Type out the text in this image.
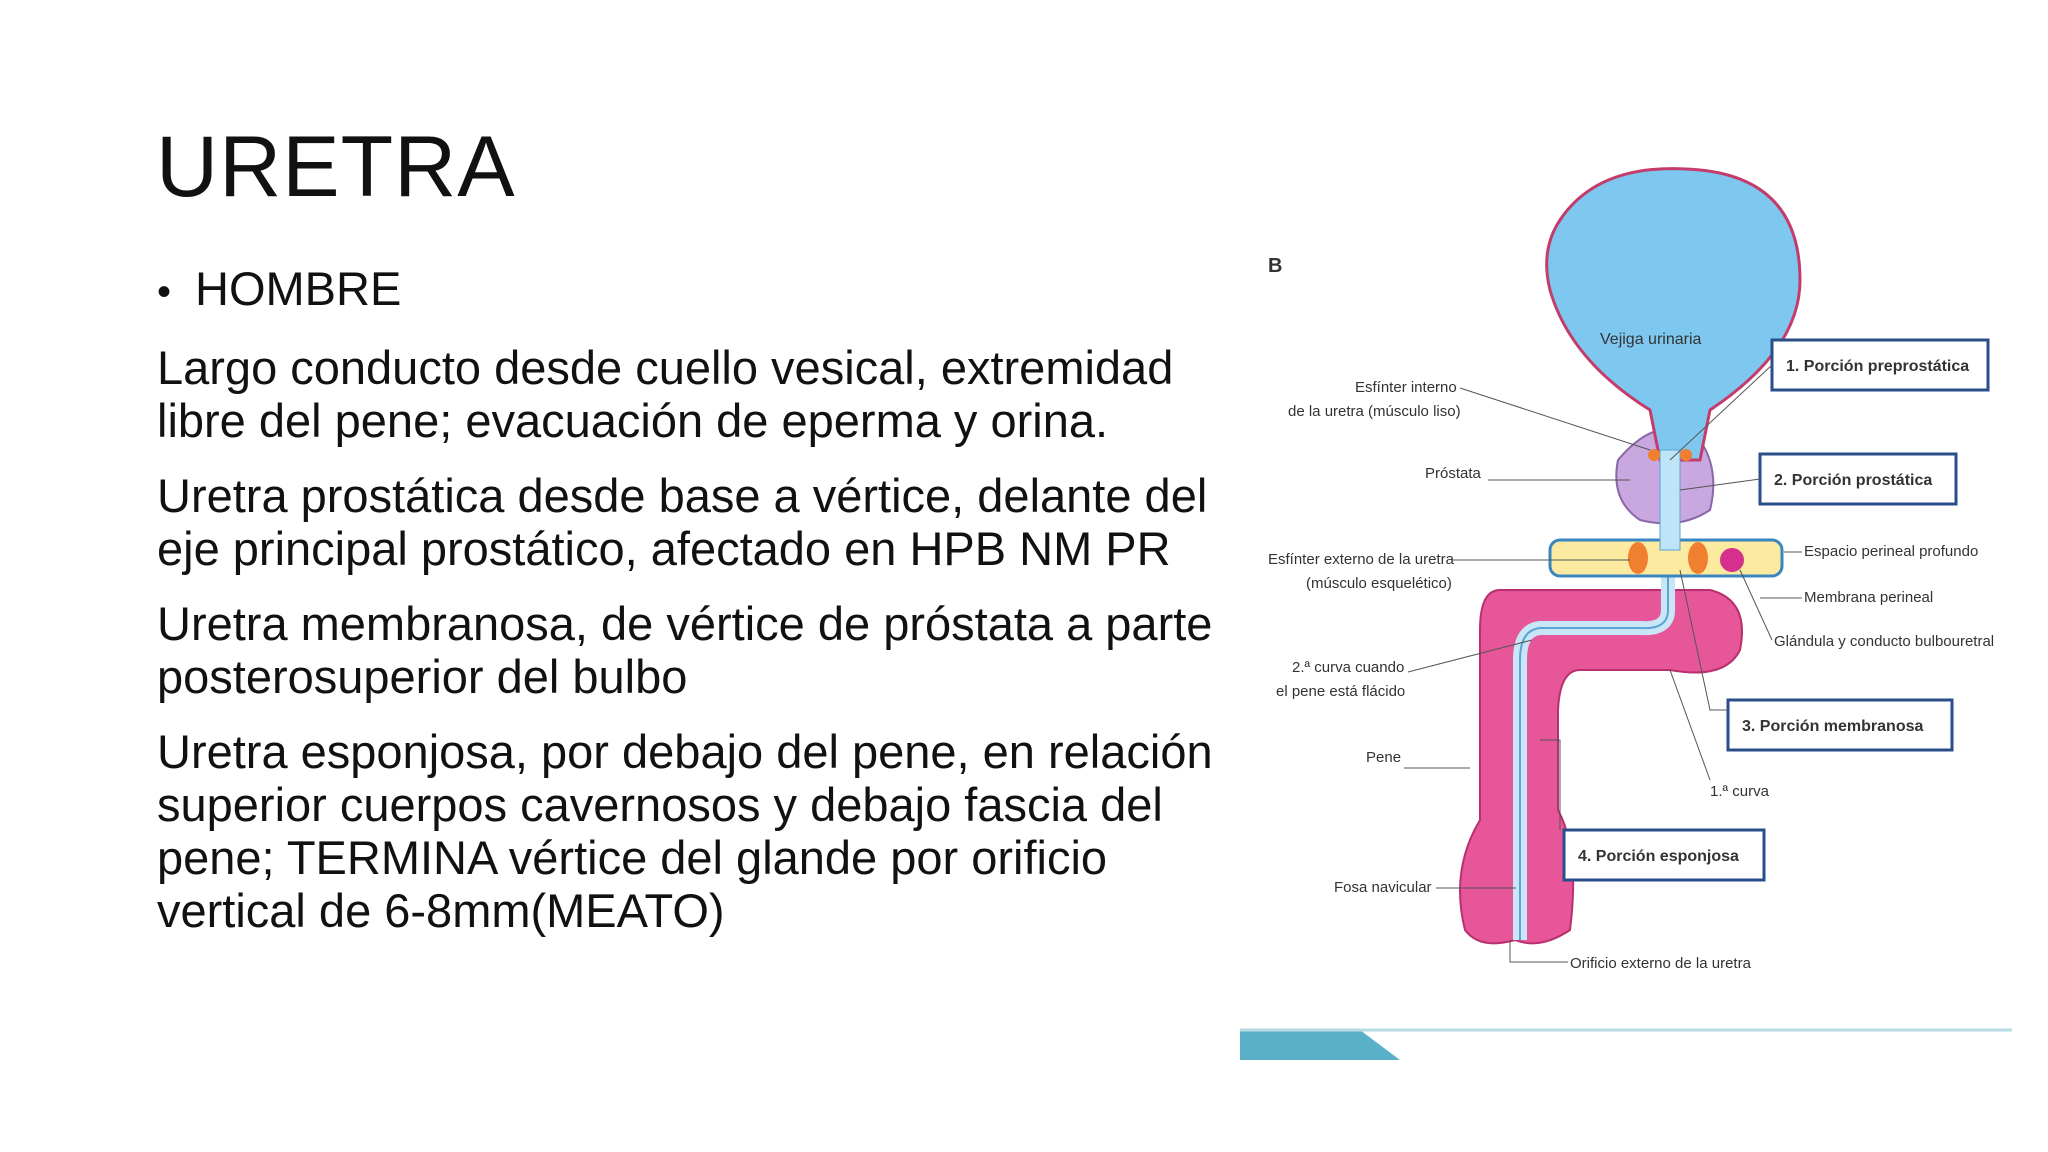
URETRA
• HOMBRE

Largo conducto desde cuello vesical, extremidad libre del pene; evacuación de eperma y orina.

Uretra prostática desde base a vértice, delante del eje principal prostático, afectado en HPB NM PR

Uretra membranosa, de vértice de próstata a parte posterosuperior del bulbo

Uretra esponjosa, por debajo del pene, en relación superior cuerpos cavernosos y debajo fascia del pene; TERMINA vértice del glande por orificio vertical de 6-8mm(MEATO)

B
Vejiga urinaria
Esfínter interno
de la uretra (músculo liso)
Próstata
Esfínter externo de la uretra
(músculo esquelético)
2.ª curva cuando
el pene está flácido
Pene
Fosa navicular
Orificio externo de la uretra
Espacio perineal profundo
Membrana perineal
Glándula y conducto bulbouretral
1.ª curva
1. Porción preprostática
2. Porción prostática
3. Porción membranosa
4. Porción esponjosa
